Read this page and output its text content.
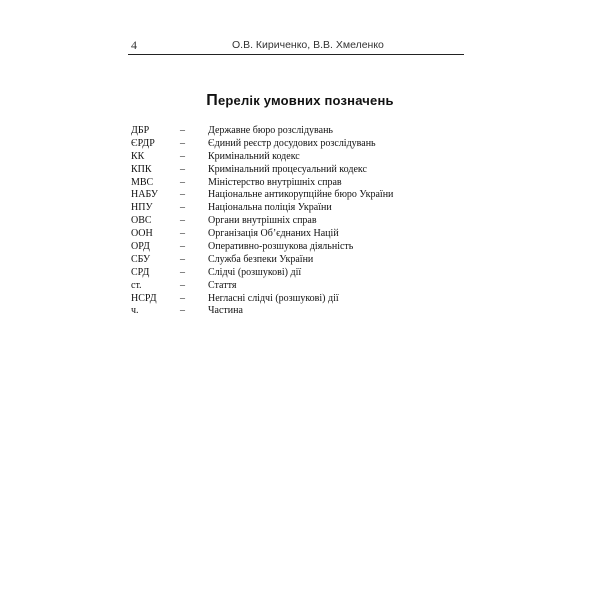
4	О.В. Кириченко, В.В. Хмеленко
Перелік умовних позначень
ДБР	– Державне бюро розслідувань
ЄРДР	– Єдиний реєстр досудових розслідувань
КК	– Кримінальний кодекс
КПК	– Кримінальний процесуальний кодекс
МВС	– Міністерство внутрішніх справ
НАБУ – Національне антикорупційне бюро України
НПУ	– Національна поліція України
ОВС	– Органи внутрішніх справ
ООН	– Організація Об’єднаних Націй
ОРД	– Оперативно-розшукова діяльність
СБУ	– Служба безпеки України
СРД	– Слідчі (розшукові) дії
ст.	– Стаття
НСРД – Негласні слідчі (розшукові) дії
ч.	– Частина
